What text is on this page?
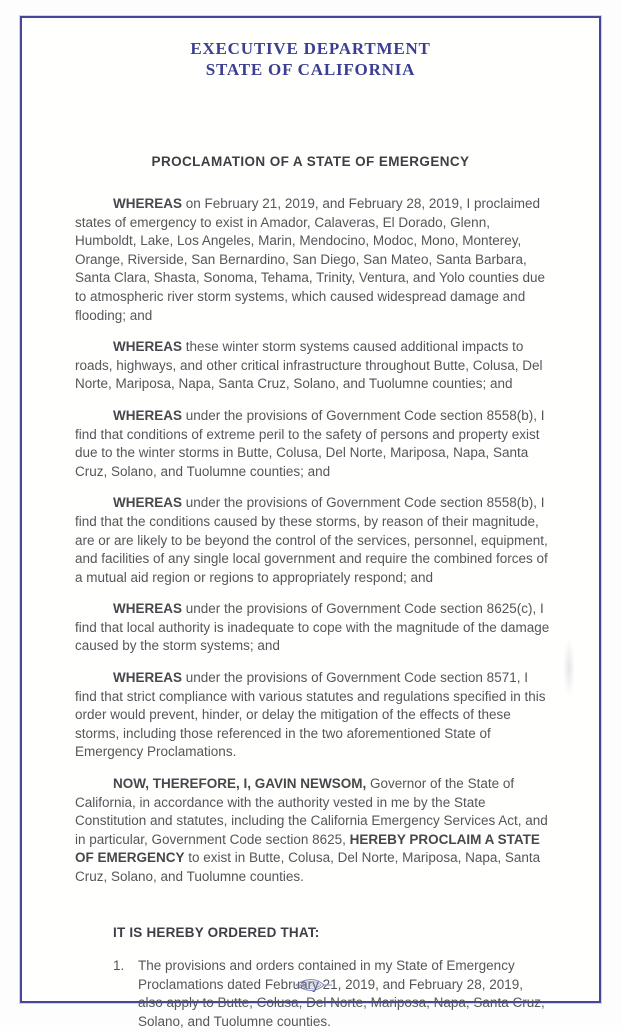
EXECUTIVE DEPARTMENT
STATE OF CALIFORNIA
PROCLAMATION OF A STATE OF EMERGENCY

WHEREAS on February 21, 2019, and February 28, 2019, I proclaimed states of emergency to exist in Amador, Calaveras, El Dorado, Glenn, Humboldt, Lake, Los Angeles, Marin, Mendocino, Modoc, Mono, Monterey, Orange, Riverside, San Bernardino, San Diego, San Mateo, Santa Barbara, Santa Clara, Shasta, Sonoma, Tehama, Trinity, Ventura, and Yolo counties due to atmospheric river storm systems, which caused widespread damage and flooding; and

WHEREAS these winter storm systems caused additional impacts to roads, highways, and other critical infrastructure throughout Butte, Colusa, Del Norte, Mariposa, Napa, Santa Cruz, Solano, and Tuolumne counties; and

WHEREAS under the provisions of Government Code section 8558(b), I find that conditions of extreme peril to the safety of persons and property exist due to the winter storms in Butte, Colusa, Del Norte, Mariposa, Napa, Santa Cruz, Solano, and Tuolumne counties; and

WHEREAS under the provisions of Government Code section 8558(b), I find that the conditions caused by these storms, by reason of their magnitude, are or are likely to be beyond the control of the services, personnel, equipment, and facilities of any single local government and require the combined forces of a mutual aid region or regions to appropriately respond; and

WHEREAS under the provisions of Government Code section 8625(c), I find that local authority is inadequate to cope with the magnitude of the damage caused by the storm systems; and

WHEREAS under the provisions of Government Code section 8571, I find that strict compliance with various statutes and regulations specified in this order would prevent, hinder, or delay the mitigation of the effects of these storms, including those referenced in the two aforementioned State of Emergency Proclamations.

NOW, THEREFORE, I, GAVIN NEWSOM, Governor of the State of California, in accordance with the authority vested in me by the State Constitution and statutes, including the California Emergency Services Act, and in particular, Government Code section 8625, HEREBY PROCLAIM A STATE OF EMERGENCY to exist in Butte, Colusa, Del Norte, Mariposa, Napa, Santa Cruz, Solano, and Tuolumne counties.

IT IS HEREBY ORDERED THAT:
1.	The provisions and orders contained in my State of Emergency Proclamations dated February 21, 2019, and February 28, 2019, also apply to Butte, Colusa, Del Norte, Mariposa, Napa, Santa Cruz, Solano, and Tuolumne counties.
